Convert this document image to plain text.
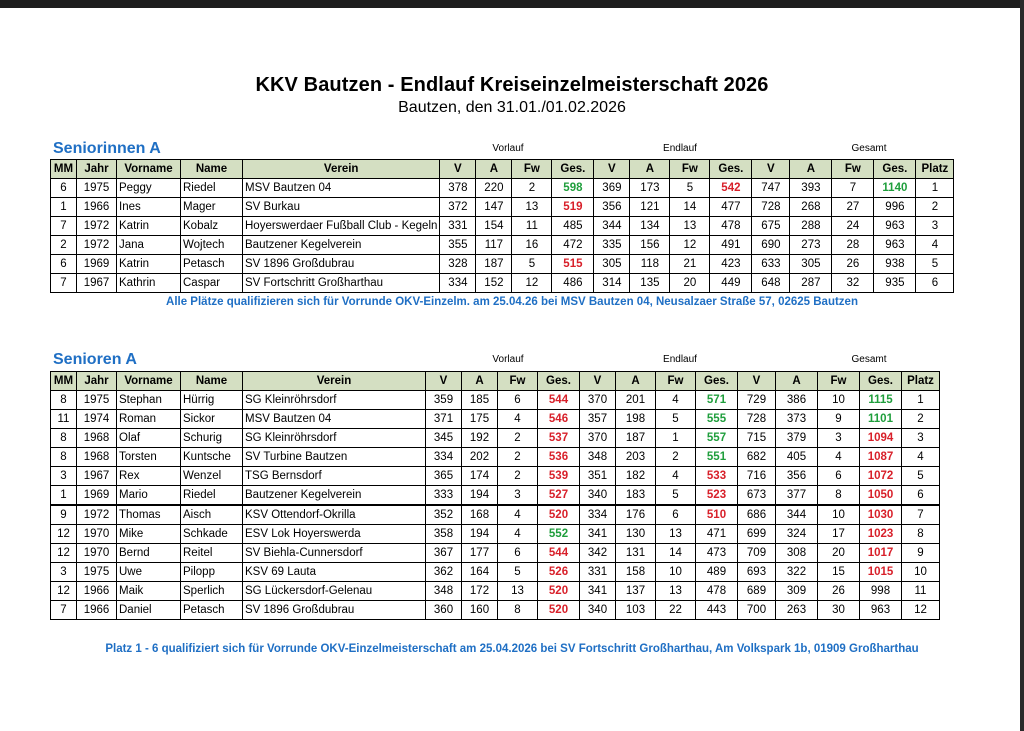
KKV Bautzen - Endlauf Kreiseinzelmeisterschaft 2026
Bautzen, den 31.01./01.02.2026
Seniorinnen A	Vorlauf	Endlauf	Gesamt
MM	Jahr	Vorname	Name	Verein	V	A	Fw	Ges.	V	A	Fw	Ges.	V	A	Fw	Ges.	Platz
6	1975	Peggy	Riedel	MSV Bautzen 04	378	220	2	598	369	173	5	542	747	393	7	1140	1
1	1966	Ines	Mager	SV Burkau	372	147	13	519	356	121	14	477	728	268	27	996	2
7	1972	Katrin	Kobalz	Hoyerswerdaer Fußball Club - Kegeln	331	154	11	485	344	134	13	478	675	288	24	963	3
2	1972	Jana	Wojtech	Bautzener Kegelverein	355	117	16	472	335	156	12	491	690	273	28	963	4
6	1969	Katrin	Petasch	SV 1896 Großdubrau	328	187	5	515	305	118	21	423	633	305	26	938	5
7	1967	Kathrin	Caspar	SV Fortschritt Großharthau	334	152	12	486	314	135	20	449	648	287	32	935	6
Alle Plätze qualifizieren sich für Vorrunde OKV-Einzelm. am 25.04.26 bei MSV Bautzen 04, Neusalzaer Straße 57, 02625 Bautzen
Senioren A	Vorlauf	Endlauf	Gesamt
MM	Jahr	Vorname	Name	Verein	V	A	Fw	Ges.	V	A	Fw	Ges.	V	A	Fw	Ges.	Platz
8	1975	Stephan	Hürrig	SG Kleinröhrsdorf	359	185	6	544	370	201	4	571	729	386	10	1115	1
11	1974	Roman	Sickor	MSV Bautzen 04	371	175	4	546	357	198	5	555	728	373	9	1101	2
8	1968	Olaf	Schurig	SG Kleinröhrsdorf	345	192	2	537	370	187	1	557	715	379	3	1094	3
8	1968	Torsten	Kuntsche	SV Turbine Bautzen	334	202	2	536	348	203	2	551	682	405	4	1087	4
3	1967	Rex	Wenzel	TSG Bernsdorf	365	174	2	539	351	182	4	533	716	356	6	1072	5
1	1969	Mario	Riedel	Bautzener Kegelverein	333	194	3	527	340	183	5	523	673	377	8	1050	6
9	1972	Thomas	Aisch	KSV Ottendorf-Okrilla	352	168	4	520	334	176	6	510	686	344	10	1030	7
12	1970	Mike	Schkade	ESV Lok Hoyerswerda	358	194	4	552	341	130	13	471	699	324	17	1023	8
12	1970	Bernd	Reitel	SV Biehla-Cunnersdorf	367	177	6	544	342	131	14	473	709	308	20	1017	9
3	1975	Uwe	Pilopp	KSV 69 Lauta	362	164	5	526	331	158	10	489	693	322	15	1015	10
12	1966	Maik	Sperlich	SG Lückersdorf-Gelenau	348	172	13	520	341	137	13	478	689	309	26	998	11
7	1966	Daniel	Petasch	SV 1896 Großdubrau	360	160	8	520	340	103	22	443	700	263	30	963	12
Platz 1 - 6 qualifiziert sich für Vorrunde OKV-Einzelmeisterschaft am 25.04.2026 bei SV Fortschritt Großharthau, Am Volkspark 1b, 01909 Großharthau
